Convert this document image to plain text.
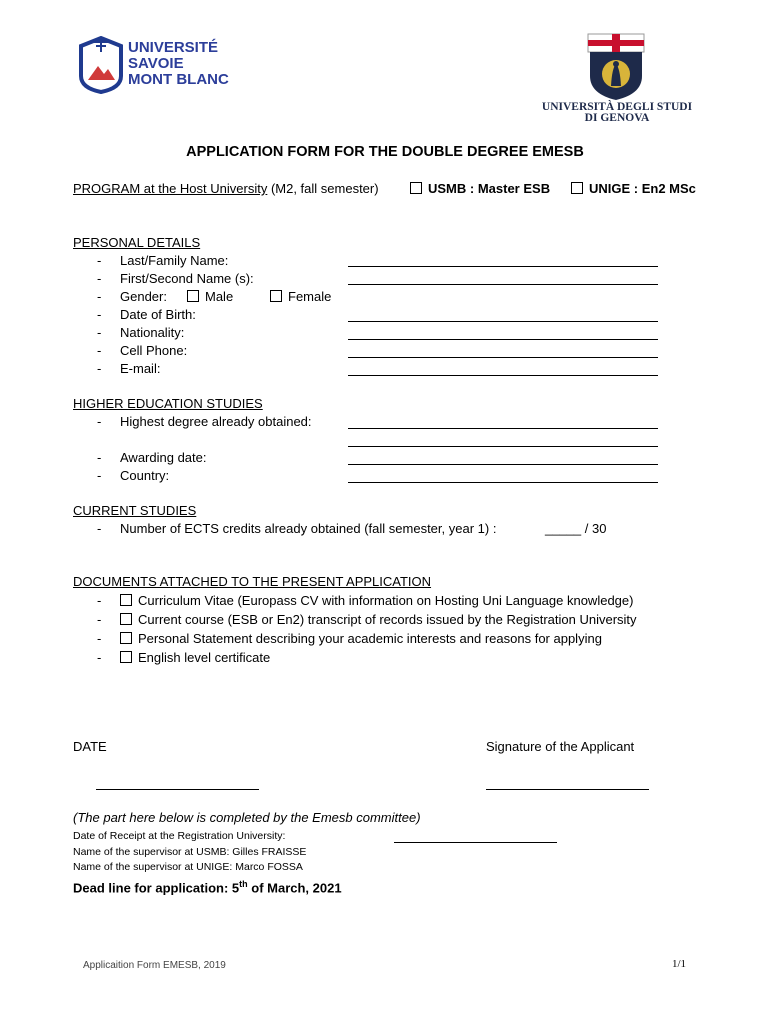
UNIVERSITÉ
SAVOIE
MONT BLANC
UNIVERSITÀ DEGLI STUDI
DI GENOVA
APPLICATION FORM FOR THE DOUBLE DEGREE EMESB
PROGRAM at the Host University (M2, fall semester)	USMB : Master ESB	UNIGE : En2 MSc
PERSONAL DETAILS
- Last/Family Name:
- First/Second Name (s):
- Gender:	Male	Female
- Date of Birth:
- Nationality:
- Cell Phone:
- E-mail:
HIGHER EDUCATION STUDIES
- Highest degree already obtained:
- Awarding date:
- Country:
CURRENT STUDIES
- Number of ECTS credits already obtained (fall semester, year 1) :	_____ / 30
DOCUMENTS ATTACHED TO THE PRESENT APPLICATION
-	Curriculum Vitae (Europass CV with information on Hosting Uni Language knowledge)
-	Current course (ESB or En2) transcript of records issued by the Registration University
-	Personal Statement describing your academic interests and reasons for applying
-	English level certificate
DATE	Signature of the Applicant
(The part here below is completed by the Emesb committee)
Date of Receipt at the Registration University:
Name of the supervisor at USMB: Gilles FRAISSE
Name of the supervisor at UNIGE: Marco FOSSA
Dead line for application: 5th of March, 2021
Applicaition Form EMESB, 2019	1/1
